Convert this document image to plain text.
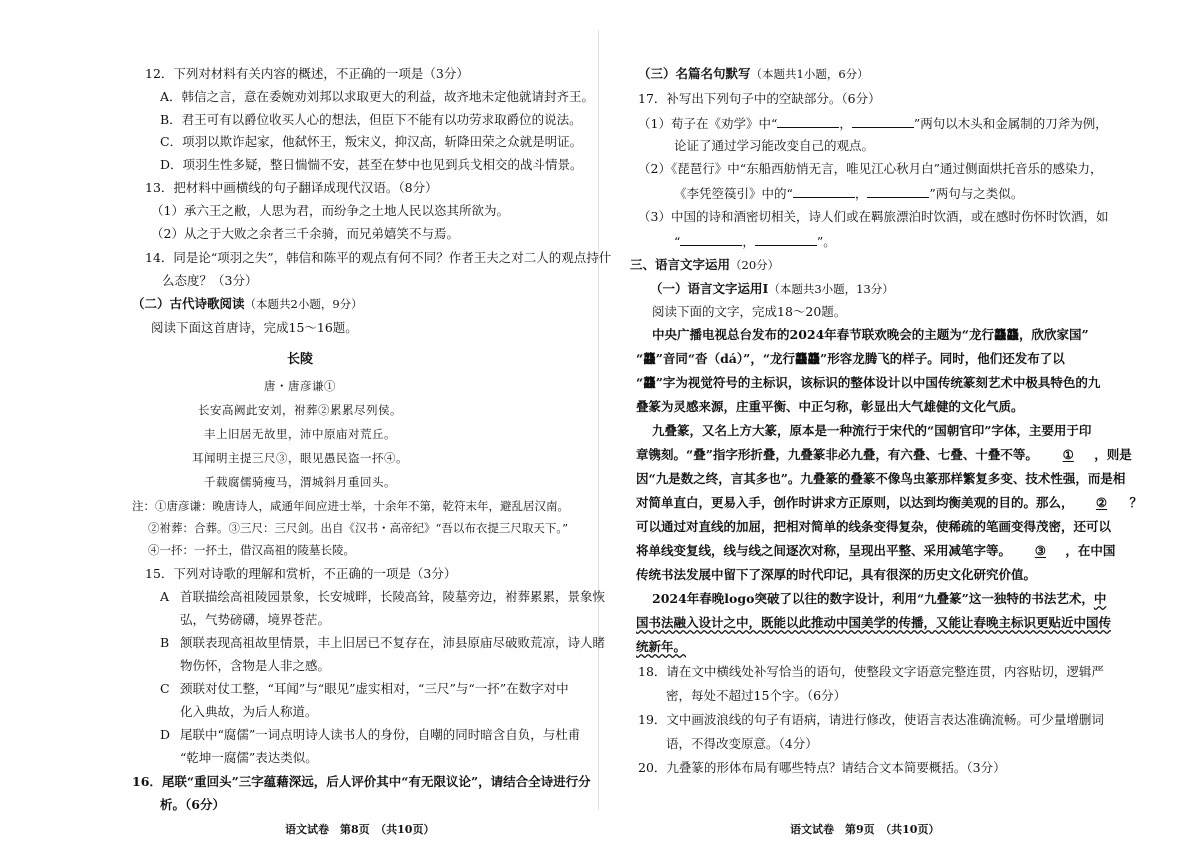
12．下列对材料有关内容的概述，不正确的一项是（3分）
A．韩信之言，意在委婉劝刘邦以求取更大的利益，故齐地未定他就请封齐王。
B．君王可有以爵位收买人心的想法，但臣下不能有以功劳求取爵位的说法。
C．项羽以欺诈起家，他弑怀王，叛宋义，抑汉高，斩降田荣之众就是明证。
D．项羽生性多疑，整日惴惴不安，甚至在梦中也见到兵戈相交的战斗情景。
13．把材料中画横线的句子翻译成现代汉语。（8分）
（1）承六王之敝，人思为君，而纷争之土地人民以恣其所欲为。
（2）从之于大败之余者三千余骑，而兄弟嬉笑不与焉。
14．同是论“项羽之失”，韩信和陈平的观点有何不同？作者王夫之对二人的观点持什
么态度？（3分）
（二）古代诗歌阅读（本题共2小题，9分）
阅读下面这首唐诗，完成15～16题。
长陵
唐・唐彦谦①
长安高阙此安刘，祔葬②累累尽列侯。
丰上旧居无故里，沛中原庙对荒丘。
耳闻明主提三尺③，眼见愚民盗一抔④。
千载腐儒骑瘦马，渭城斜月重回头。
注：①唐彦谦：晚唐诗人，咸通年间应进士举，十余年不第，乾符末年，避乱居汉南。
②祔葬：合葬。③三尺：三尺剑。出自《汉书・高帝纪》“吾以布衣提三尺取天下。”
④一抔：一抔土，借汉高祖的陵墓长陵。
15．下列对诗歌的理解和赏析，不正确的一项是（3分）
A 首联描绘高祖陵园景象，长安城畔，长陵高耸，陵墓旁边，祔葬累累，景象恢
弘，气势磅礴，境界苍茫。
B 颔联表现高祖故里情景，丰上旧居已不复存在，沛县原庙尽破败荒凉，诗人睹
物伤怀，含物是人非之感。
C 颈联对仗工整，“耳闻”与“眼见”虚实相对，“三尺”与“一抔”在数字对中
化入典故，为后人称道。
D 尾联中“腐儒”一词点明诗人读书人的身份，自嘲的同时暗含自负，与杜甫
“乾坤一腐儒”表达类似。
16．尾联“重回头”三字蕴藉深远，后人评价其中“有无限议论”，请结合全诗进行分
析。（6分）
语文试卷　第8页　（共10页）
（三）名篇名句默写（本题共1小题，6分）
17．补写出下列句子中的空缺部分。（6分）
（1）荀子在《劝学》中“	，	”两句以木头和金属制的刀斧为例，
论证了通过学习能改变自己的观点。
（2）《琵琶行》中“东船西舫悄无言，唯见江心秋月白”通过侧面烘托音乐的感染力，
《李凭箜篌引》中的“	，	”两句与之类似。
（3）中国的诗和酒密切相关，诗人们或在羁旅漂泊时饮酒，或在感时伤怀时饮酒，如
“	，	”。
三、语言文字运用（20分）
（一）语言文字运用Ⅰ（本题共3小题，13分）
阅读下面的文字，完成18～20题。
中央广播电视总台发布的2024年春节联欢晚会的主题为“龙行龘龘，欣欣家国”
“龘”音同“沓（dá）”，“龙行龘龘”形容龙腾飞的样子。同时，他们还发布了以
“龘”字为视觉符号的主标识，该标识的整体设计以中国传统篆刻艺术中极具特色的九
叠篆为灵感来源，庄重平衡、中正匀称，彰显出大气雄健的文化气质。
九叠篆，又名上方大篆，原本是一种流行于宋代的“国朝官印”字体，主要用于印
章镌刻。“叠”指字形折叠，九叠篆非必九叠，有六叠、七叠、十叠不等。 ① ，则是
因“九是数之终，言其多也”。九叠篆的叠篆不像鸟虫篆那样繁复多变、技术性强，而是相
对简单直白，更易入手，创作时讲求方正原则，以达到均衡美观的目的。那么， ② ？
可以通过对直线的加屈，把相对简单的线条变得复杂，使稀疏的笔画变得茂密，还可以
将单线变复线，线与线之间逐次对称，呈现出平整、采用减笔字等。 ③ ，在中国
传统书法发展中留下了深厚的时代印记，具有很深的历史文化研究价值。
2024年春晚logo突破了以往的数字设计，利用“九叠篆”这一独特的书法艺术，中
国书法融入设计之中，既能以此推动中国美学的传播，又能让春晚主标识更贴近中国传
统新年。
18．请在文中横线处补写恰当的语句，使整段文字语意完整连贯，内容贴切，逻辑严
密，每处不超过15个字。（6分）
19．文中画波浪线的句子有语病，请进行修改，使语言表达准确流畅。可少量增删词
语，不得改变原意。（4分）
20．九叠篆的形体布局有哪些特点？请结合文本简要概括。（3分）
语文试卷　第9页　（共10页）
